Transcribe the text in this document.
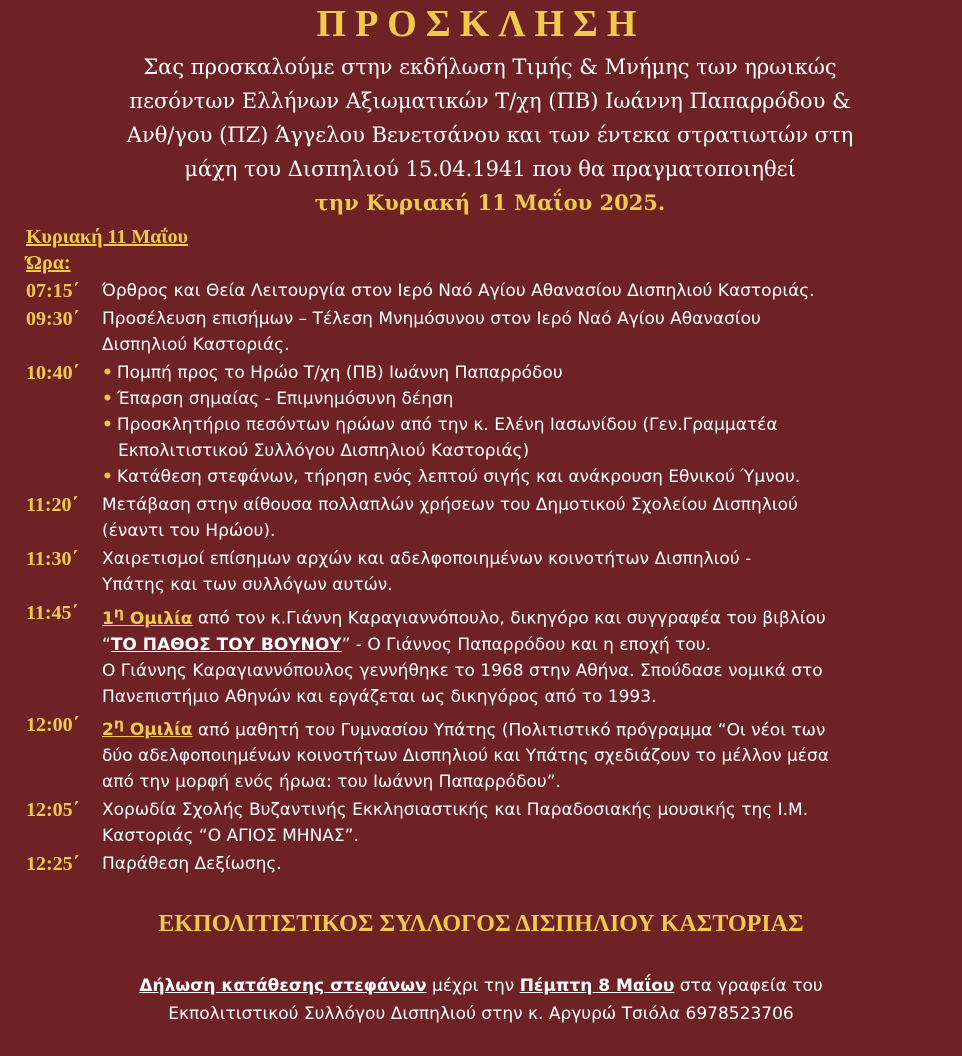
ΠΡΟΣΚΛΗΣΗ
Σας προσκαλούμε στην εκδήλωση Τιμής & Μνήμης των ηρωικώς
πεσόντων Ελλήνων Αξιωματικών Τ/χη (ΠΒ) Ιωάννη Παπαρρόδου &
Ανθ/γου (ΠΖ) Άγγελου Βενετσάνου και των έντεκα στρατιωτών στη
μάχη του Δισπηλιού 15.04.1941 που θα πραγματοποιηθεί
την Κυριακή 11 Μαΐου 2025.
Κυριακή 11 Μαΐου
Ώρα:
07:15΄ Όρθρος και Θεία Λειτουργία στον Ιερό Ναό Αγίου Αθανασίου Δισπηλιού Καστοριάς.
09:30΄ Προσέλευση επισήμων – Τέλεση Μνημόσυνου στον Ιερό Ναό Αγίου Αθανασίου
Δισπηλιού Καστοριάς.
10:40΄ • Πομπή προς το Ηρώο Τ/χη (ΠΒ) Ιωάννη Παπαρρόδου
• Έπαρση σημαίας - Επιμνημόσυνη δέηση
• Προσκλητήριο πεσόντων ηρώων από την κ. Ελένη Ιασωνίδου (Γεν.Γραμματέα
Εκπολιτιστικού Συλλόγου Δισπηλιού Καστοριάς)
• Κατάθεση στεφάνων, τήρηση ενός λεπτού σιγής και ανάκρουση Εθνικού Ύμνου.
11:20΄ Μετάβαση στην αίθουσα πολλαπλών χρήσεων του Δημοτικού Σχολείου Δισπηλιού
(έναντι του Ηρώου).
11:30΄ Χαιρετισμοί επίσημων αρχών και αδελφοποιημένων κοινοτήτων Δισπηλιού -
Υπάτης και των συλλόγων αυτών.
11:45΄ $1^\eta$ Ομιλία από τον κ.Γιάννη Καραγιαννόπουλο, δικηγόρο και συγγραφέα του βιβλίου
“ΤΟ ΠΑΘΟΣ ΤΟΥ ΒΟΥΝΟΥ” - Ο Γιάννος Παπαρρόδου και η εποχή του.
Ο Γιάννης Καραγιαννόπουλος γεννήθηκε το 1968 στην Αθήνα. Σπούδασε νομικά στο
Πανεπιστήμιο Αθηνών και εργάζεται ως δικηγόρος από το 1993.
12:00΄ $2^\eta$ Ομιλία από μαθητή του Γυμνασίου Υπάτης (Πολιτιστικό πρόγραμμα “Οι νέοι των
δύο αδελφοποιημένων κοινοτήτων Δισπηλιού και Υπάτης σχεδιάζουν το μέλλον μέσα
από την μορφή ενός ήρωα: του Ιωάννη Παπαρρόδου”.
12:05΄ Χορωδία Σχολής Βυζαντινής Εκκλησιαστικής και Παραδοσιακής μουσικής της Ι.Μ.
Καστοριάς “Ο ΑΓΙΟΣ ΜΗΝΑΣ”.
12:25΄ Παράθεση Δεξίωσης.
ΕΚΠΟΛΙΤΙΣΤΙΚΟΣ ΣΥΛΛΟΓΟΣ ΔΙΣΠΗΛΙΟΥ ΚΑΣΤΟΡΙΑΣ
Δήλωση κατάθεσης στεφάνων μέχρι την Πέμπτη 8 Μαΐου στα γραφεία του
Εκπολιτιστικού Συλλόγου Δισπηλιού στην κ. Αργυρώ Τσιόλα 6978523706
